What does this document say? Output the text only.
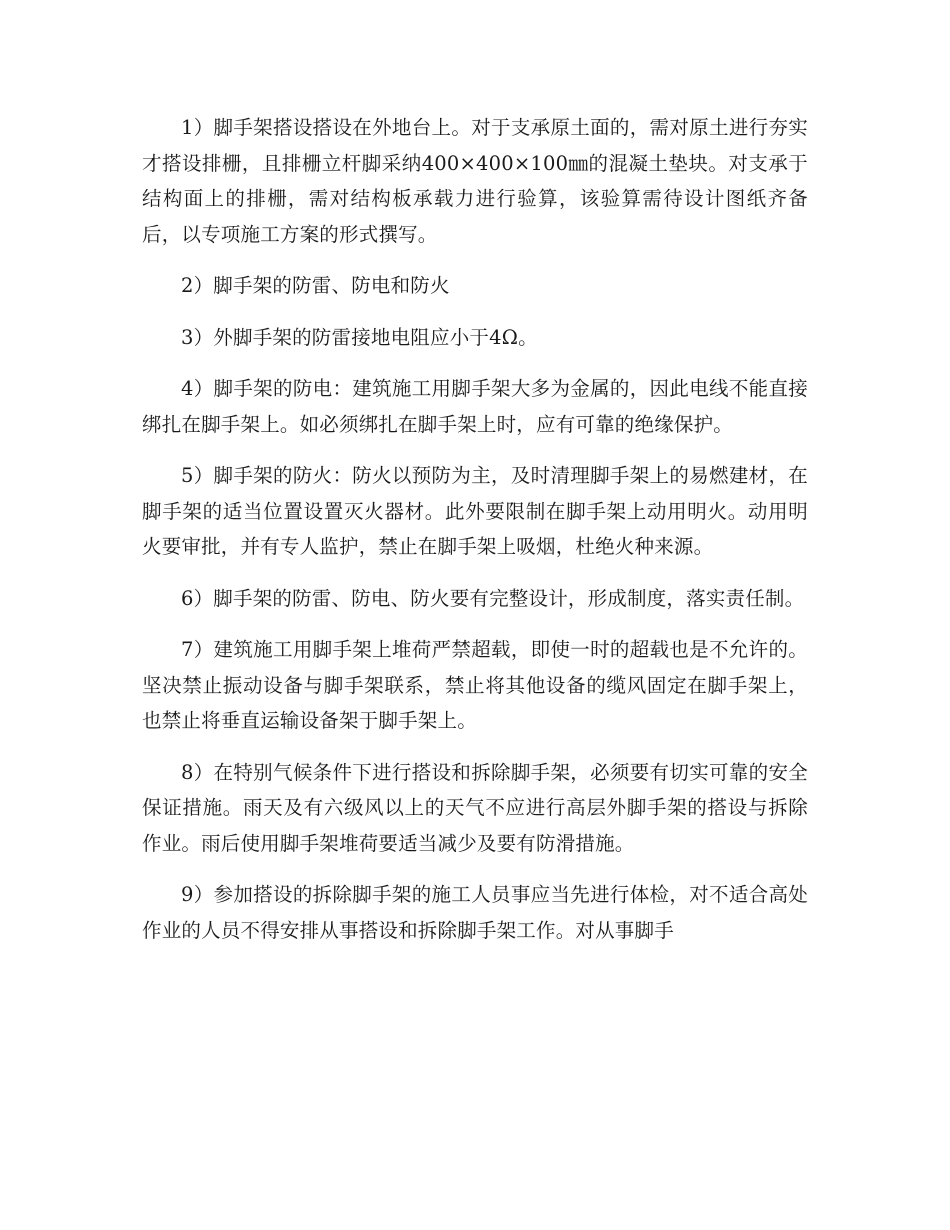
1）脚手架搭设搭设在外地台上。对于支承原土面的，需对原土进行夯实才搭设排栅，且排栅立杆脚采纳400×400×100㎜的混凝土垫块。对支承于结构面上的排栅，需对结构板承载力进行验算，该验算需待设计图纸齐备后，以专项施工方案的形式撰写。

2）脚手架的防雷、防电和防火

3）外脚手架的防雷接地电阻应小于4Ω。

4）脚手架的防电：建筑施工用脚手架大多为金属的，因此电线不能直接绑扎在脚手架上。如必须绑扎在脚手架上时，应有可靠的绝缘保护。

5）脚手架的防火：防火以预防为主，及时清理脚手架上的易燃建材，在脚手架的适当位置设置灭火器材。此外要限制在脚手架上动用明火。动用明火要审批，并有专人监护，禁止在脚手架上吸烟，杜绝火种来源。

6）脚手架的防雷、防电、防火要有完整设计，形成制度，落实责任制。

7）建筑施工用脚手架上堆荷严禁超载，即使一时的超载也是不允许的。坚决禁止振动设备与脚手架联系，禁止将其他设备的缆风固定在脚手架上，也禁止将垂直运输设备架于脚手架上。

8）在特别气候条件下进行搭设和拆除脚手架，必须要有切实可靠的安全保证措施。雨天及有六级风以上的天气不应进行高层外脚手架的搭设与拆除作业。雨后使用脚手架堆荷要适当减少及要有防滑措施。

9）参加搭设的拆除脚手架的施工人员事应当先进行体检，对不适合高处作业的人员不得安排从事搭设和拆除脚手架工作。对从事脚手
